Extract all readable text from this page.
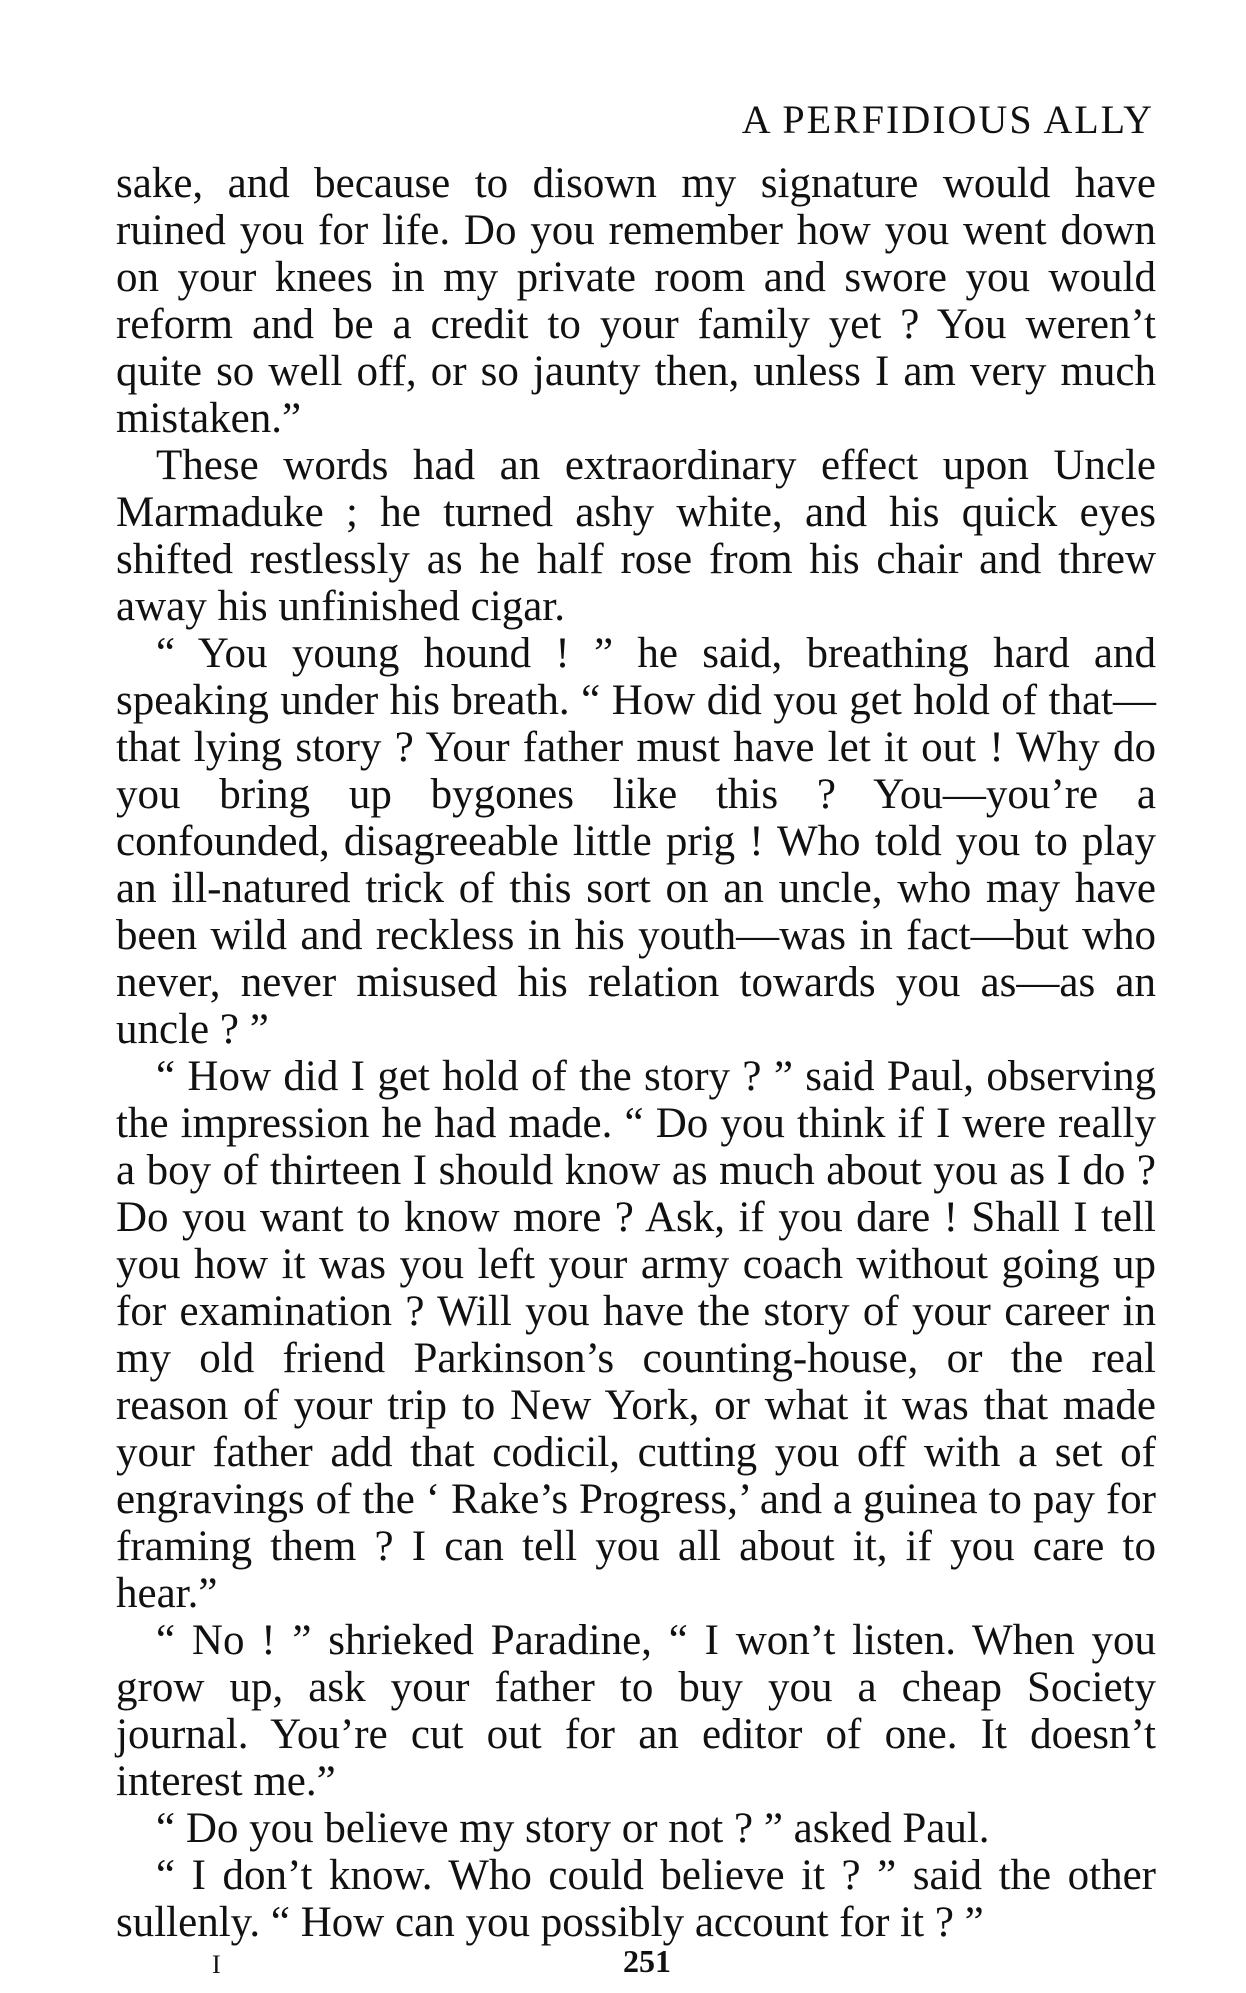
A PERFIDIOUS ALLY

sake, and because to disown my signature would have ruined you for life. Do you remember how you went down on your knees in my private room and swore you would reform and be a credit to your family yet ? You weren’t quite so well off, or so jaunty then, unless I am very much mistaken.”

These words had an extraordinary effect upon Uncle Marmaduke ; he turned ashy white, and his quick eyes shifted restlessly as he half rose from his chair and threw away his unfinished cigar.

“ You young hound ! ” he said, breathing hard and speaking under his breath. “ How did you get hold of that—that lying story ? Your father must have let it out ! Why do you bring up bygones like this ? You—you’re a confounded, disagreeable little prig ! Who told you to play an ill-natured trick of this sort on an uncle, who may have been wild and reckless in his youth—was in fact—but who never, never misused his relation towards you as—as an uncle ? ”

“ How did I get hold of the story ? ” said Paul, observing the impression he had made. “ Do you think if I were really a boy of thirteen I should know as much about you as I do ? Do you want to know more ? Ask, if you dare ! Shall I tell you how it was you left your army coach without going up for examination ? Will you have the story of your career in my old friend Parkinson’s counting-house, or the real reason of your trip to New York, or what it was that made your father add that codicil, cutting you off with a set of engravings of the ‘ Rake’s Progress,’ and a guinea to pay for framing them ? I can tell you all about it, if you care to hear.”

“ No ! ” shrieked Paradine, “ I won’t listen. When you grow up, ask your father to buy you a cheap Society journal. You’re cut out for an editor of one. It doesn’t interest me.”

“ Do you believe my story or not ? ” asked Paul.

“ I don’t know. Who could believe it ? ” said the other sullenly. “ How can you possibly account for it ? ”

I	251
